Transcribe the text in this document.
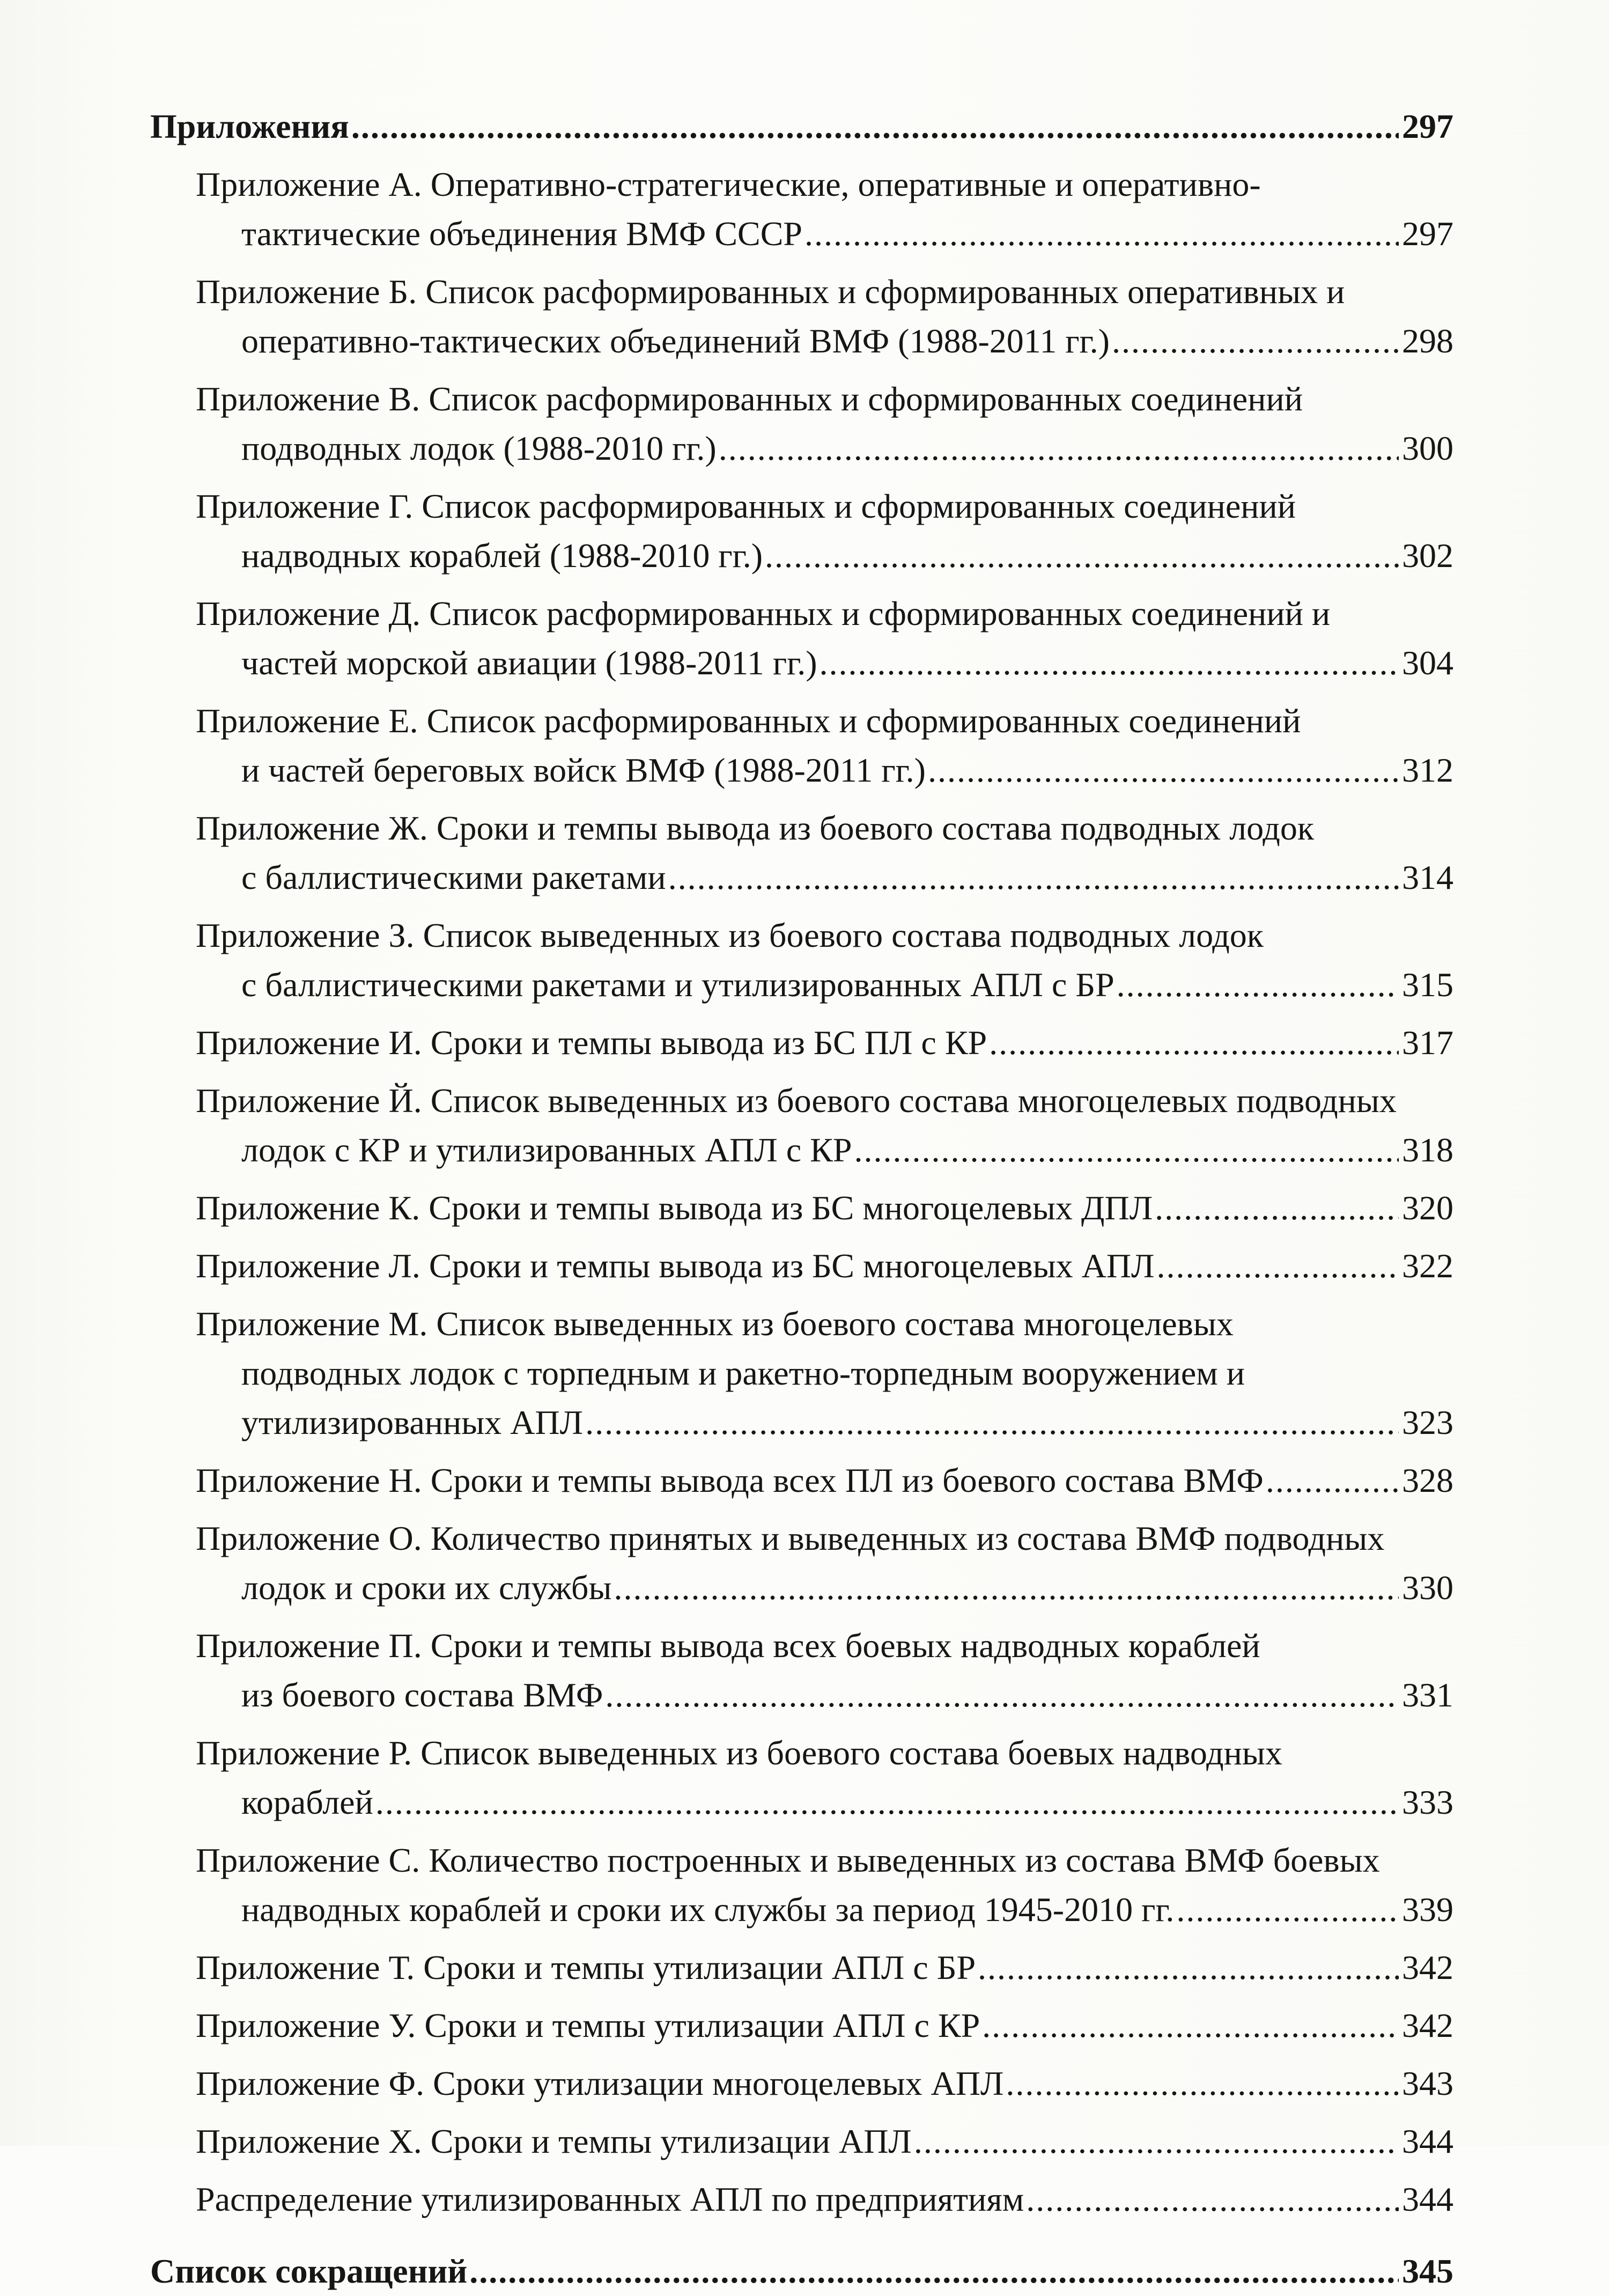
Приложения .....	297
Приложение А. Оперативно-стратегические, оперативные и оперативно-
тактические объединения ВМФ СССР .....	297
Приложение Б. Список расформированных и сформированных оперативных и
оперативно-тактических объединений ВМФ (1988-2011 гг.) .....	298
Приложение В. Список расформированных и сформированных соединений
подводных лодок (1988-2010 гг.) .....	300
Приложение Г. Список расформированных и сформированных соединений
надводных кораблей (1988-2010 гг.) .....	302
Приложение Д. Список расформированных и сформированных соединений и
частей морской авиации (1988-2011 гг.) .....	304
Приложение Е. Список расформированных и сформированных соединений
и частей береговых войск ВМФ (1988-2011 гг.) .....	312
Приложение Ж. Сроки и темпы вывода из боевого состава подводных лодок
с баллистическими ракетами .....	314
Приложение З. Список выведенных из боевого состава подводных лодок
с баллистическими ракетами и утилизированных АПЛ с БР .....	315
Приложение И. Сроки и темпы вывода из БС ПЛ с КР .....	317
Приложение Й. Список выведенных из боевого состава многоцелевых подводных
лодок с КР и утилизированных АПЛ с КР .....	318
Приложение К. Сроки и темпы вывода из БС многоцелевых ДПЛ .....	320
Приложение Л. Сроки и темпы вывода из БС многоцелевых АПЛ .....	322
Приложение М. Список выведенных из боевого состава многоцелевых
подводных лодок с торпедным и ракетно-торпедным вооружением и
утилизированных АПЛ .....	323
Приложение Н. Сроки и темпы вывода всех ПЛ из боевого состава ВМФ .....	328
Приложение О. Количество принятых и выведенных из состава ВМФ подводных
лодок и сроки их службы .....	330
Приложение П. Сроки и темпы вывода всех боевых надводных кораблей
из боевого состава ВМФ .....	331
Приложение Р. Список выведенных из боевого состава боевых надводных
кораблей .....	333
Приложение С. Количество построенных и выведенных из состава ВМФ боевых
надводных кораблей и сроки их службы за период 1945-2010 гг. .....	339
Приложение Т. Сроки и темпы утилизации АПЛ с БР .....	342
Приложение У. Сроки и темпы утилизации АПЛ с КР .....	342
Приложение Ф. Сроки утилизации многоцелевых АПЛ .....	343
Приложение Х. Сроки и темпы утилизации АПЛ .....	344
Распределение утилизированных АПЛ по предприятиям .....	344
Список сокращений .....	345
